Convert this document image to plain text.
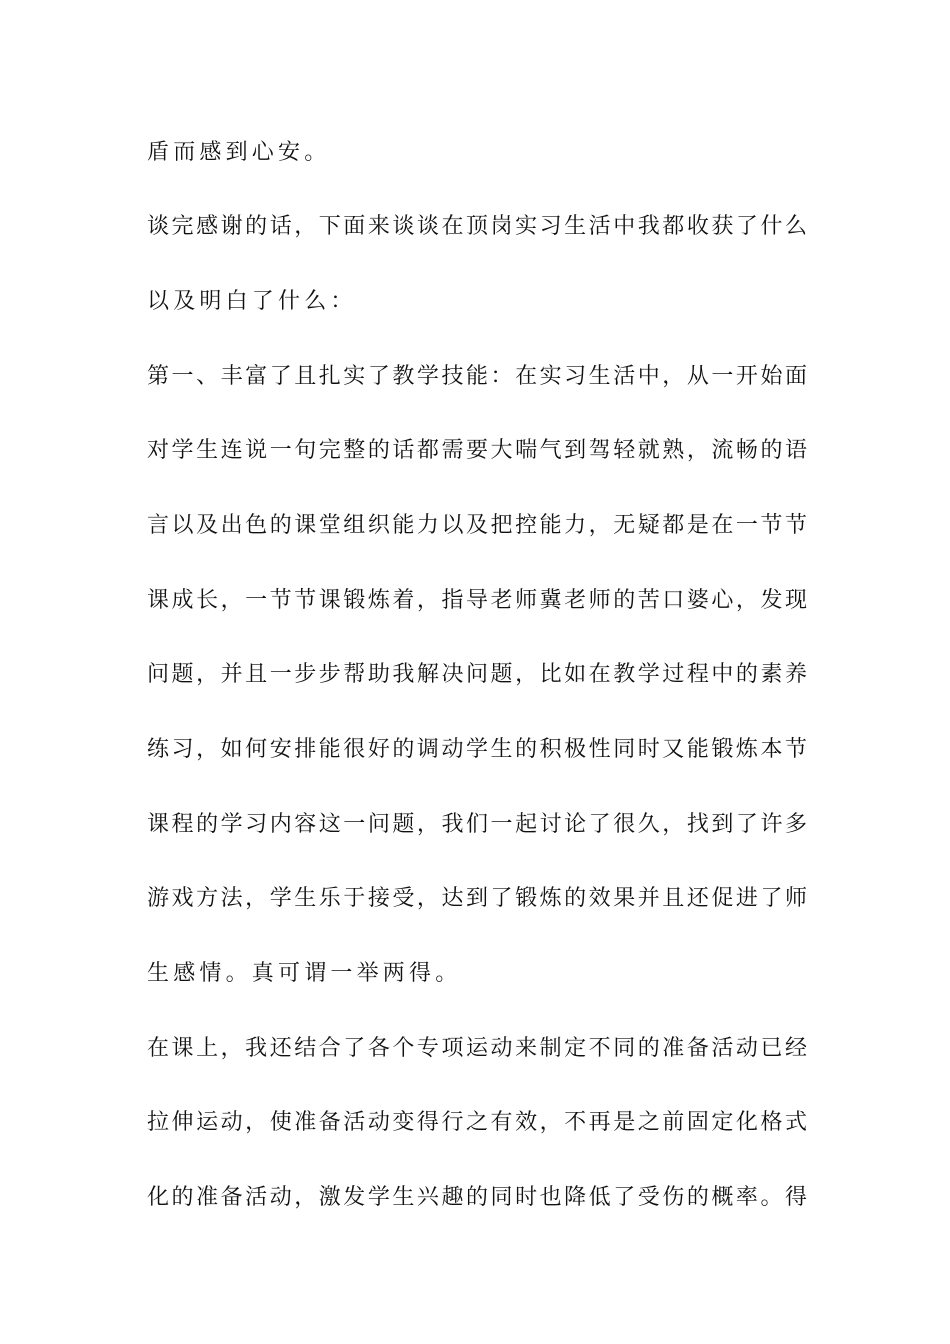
盾而感到心安。
谈完感谢的话，下面来谈谈在顶岗实习生活中我都收获了什么
以及明白了什么：
第一、丰富了且扎实了教学技能：在实习生活中，从一开始面
对学生连说一句完整的话都需要大喘气到驾轻就熟，流畅的语
言以及出色的课堂组织能力以及把控能力，无疑都是在一节节
课成长，一节节课锻炼着，指导老师冀老师的苦口婆心，发现
问题，并且一步步帮助我解决问题，比如在教学过程中的素养
练习，如何安排能很好的调动学生的积极性同时又能锻炼本节
课程的学习内容这一问题，我们一起讨论了很久，找到了许多
游戏方法，学生乐于接受，达到了锻炼的效果并且还促进了师
生感情。真可谓一举两得。
在课上，我还结合了各个专项运动来制定不同的准备活动已经
拉伸运动，使准备活动变得行之有效，不再是之前固定化格式
化的准备活动，激发学生兴趣的同时也降低了受伤的概率。得
